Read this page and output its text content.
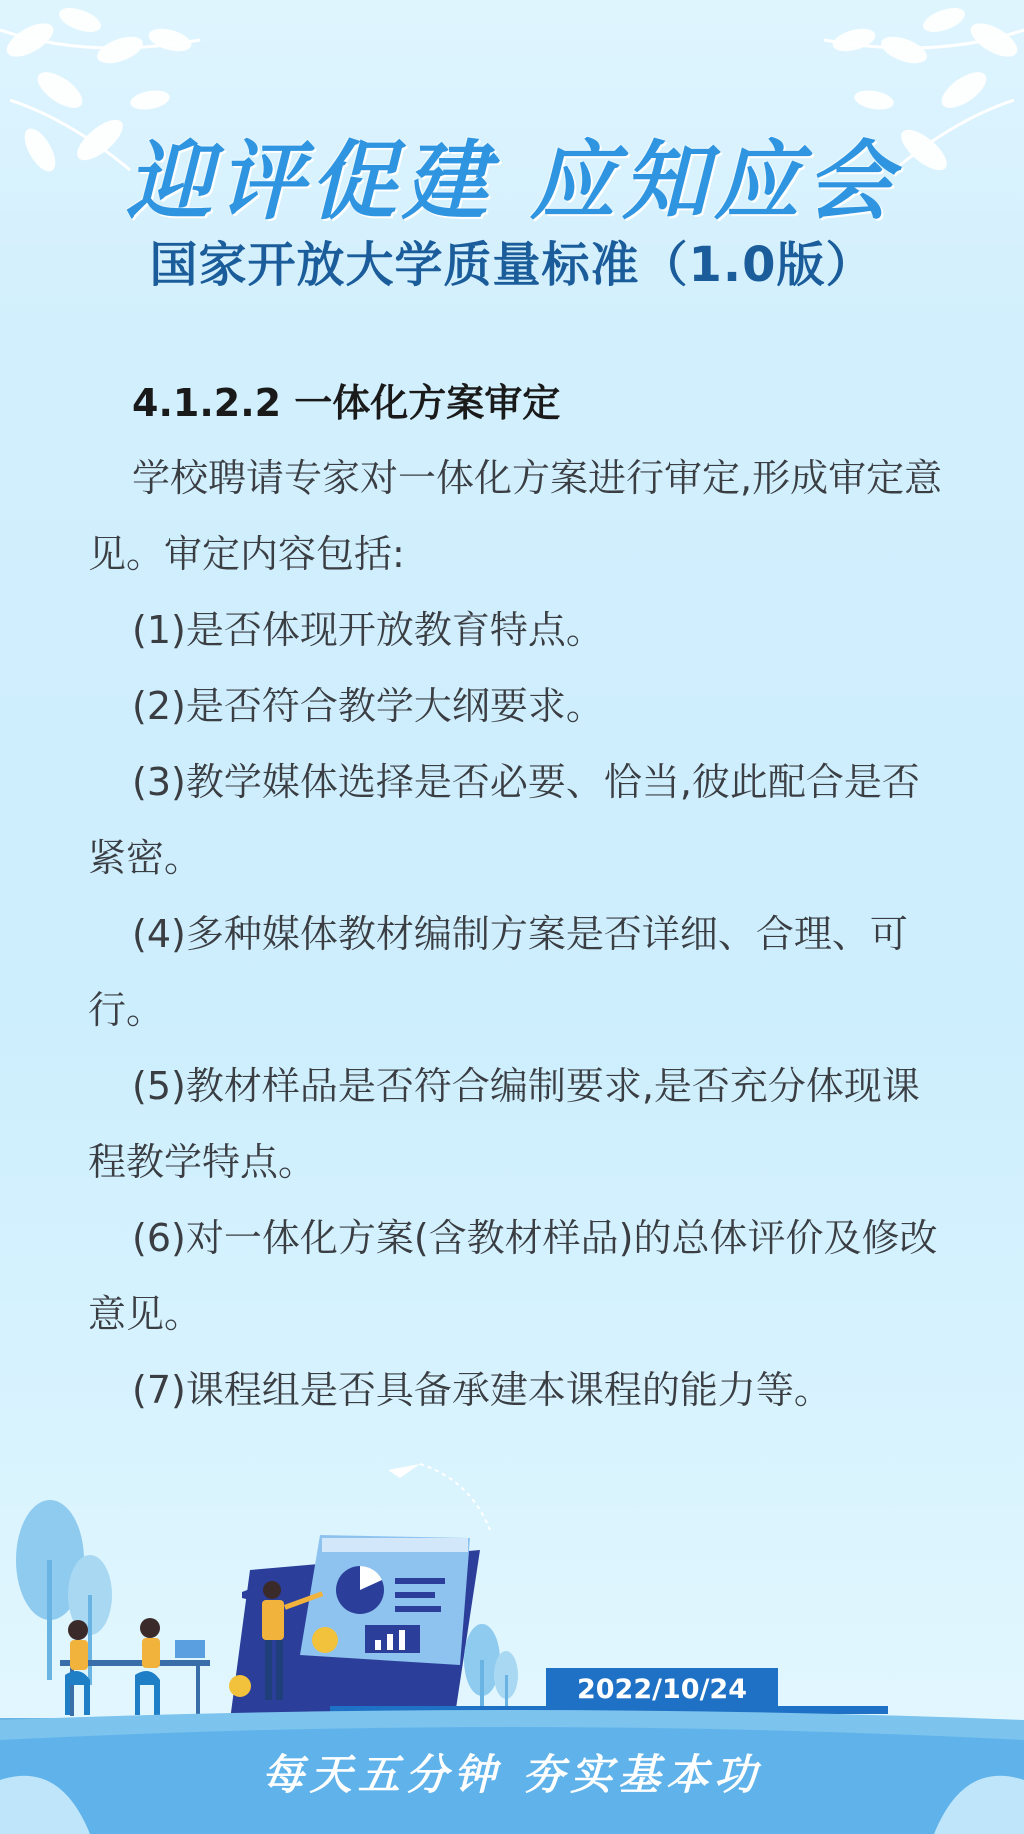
迎评促建 应知应会
国家开放大学质量标准（1.0版）
4.1.2.2 一体化方案审定

学校聘请专家对一体化方案进行审定,形成审定意见。审定内容包括:

(1)是否体现开放教育特点。

(2)是否符合教学大纲要求。

(3)教学媒体选择是否必要、恰当,彼此配合是否紧密。

(4)多种媒体教材编制方案是否详细、合理、可行。

(5)教材样品是否符合编制要求,是否充分体现课程教学特点。

(6)对一体化方案(含教材样品)的总体评价及修改意见。

(7)课程组是否具备承建本课程的能力等。

2022/10/24
每天五分钟 夯实基本功
